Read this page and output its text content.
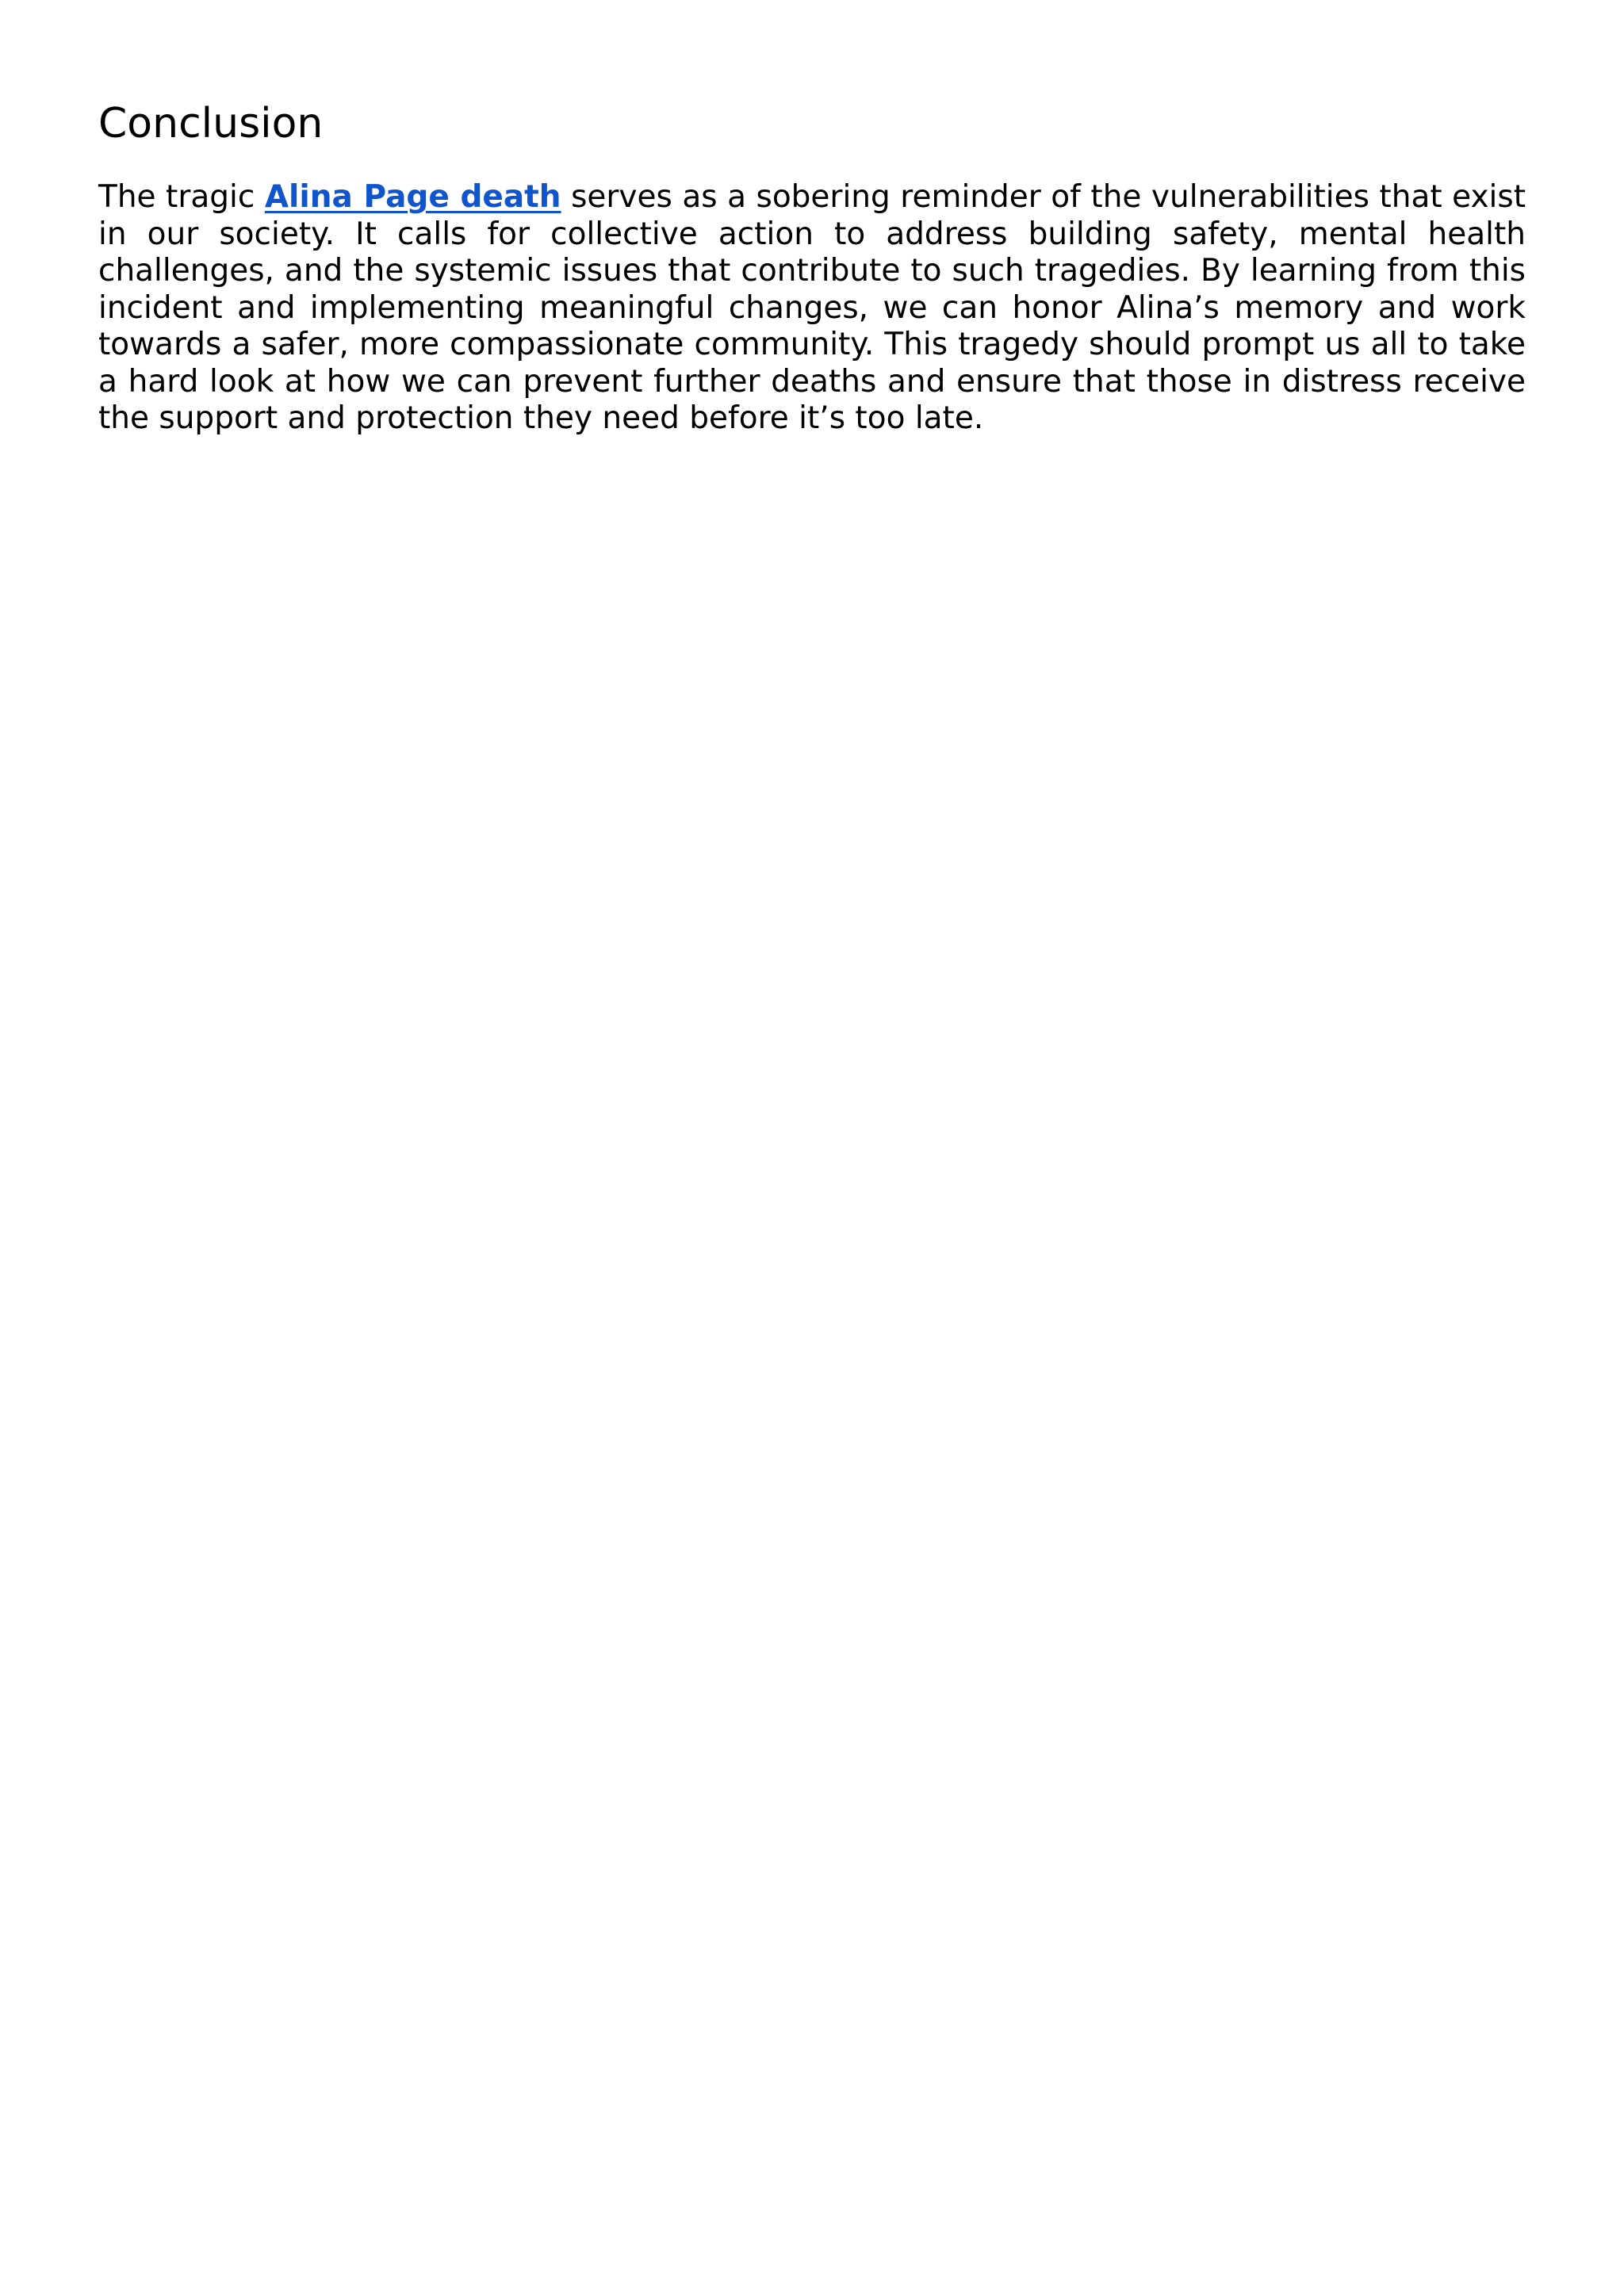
Conclusion

The tragic Alina Page death serves as a sobering reminder of the vulnerabilities that exist in our society. It calls for collective action to address building safety, mental health challenges, and the systemic issues that contribute to such tragedies. By learning from this incident and implementing meaningful changes, we can honor Alina’s memory and work towards a safer, more compassionate community. This tragedy should prompt us all to take a hard look at how we can prevent further deaths and ensure that those in distress receive the support and protection they need before it’s too late.
